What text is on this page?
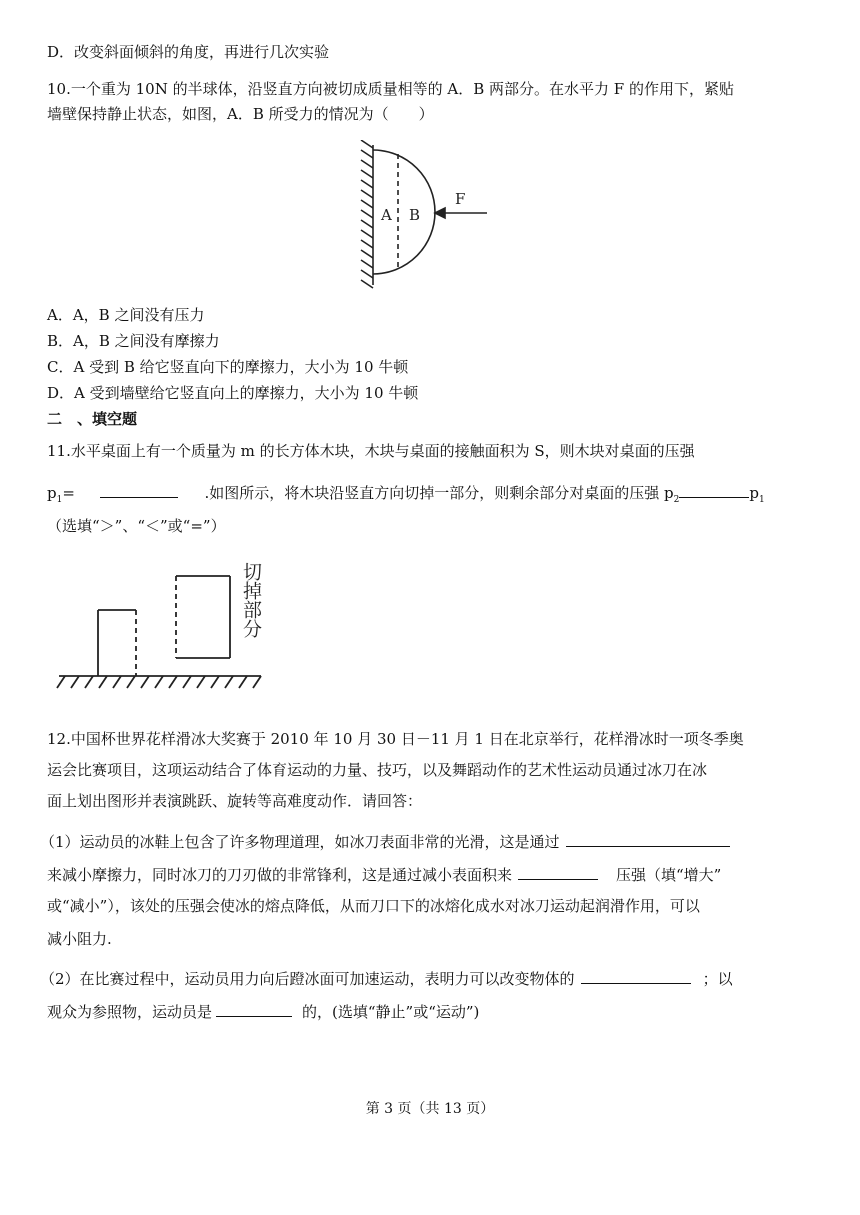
D．改变斜面倾斜的角度，再进行几次实验
10.一个重为 10N 的半球体，沿竖直方向被切成质量相等的 A．B 两部分。在水平力 F 的作用下，紧贴
墙壁保持静止状态，如图，A．B 所受力的情况为（　　）
A B
F
A．A，B 之间没有压力
B．A，B 之间没有摩擦力
C．A 受到 B 给它竖直向下的摩擦力，大小为 10 牛顿
D．A 受到墙壁给它竖直向上的摩擦力，大小为 10 牛顿
二　、填空题
11.水平桌面上有一个质量为 m 的长方体木块，木块与桌面的接触面积为 S，则木块对桌面的压强
$p_1=$	.如图所示，将木块沿竖直方向切掉一部分，则剩余部分对桌面的压强 $p_2$	$p_1$
（选填“＞”、“＜”或“=”）
切掉部分
12.中国杯世界花样滑冰大奖赛于 2010 年 10 月 30 日－11 月 1 日在北京举行，花样滑冰时一项冬季奥
运会比赛项目，这项运动结合了体育运动的力量、技巧，以及舞蹈动作的艺术性运动员通过冰刀在冰
面上划出图形并表演跳跃、旋转等高难度动作．请回答：
（1）运动员的冰鞋上包含了许多物理道理，如冰刀表面非常的光滑，这是通过
来减小摩擦力，同时冰刀的刀刃做的非常锋利，这是通过减小表面积来	压强（填“增大”
或“减小”），该处的压强会使冰的熔点降低，从而刀口下的冰熔化成水对冰刀运动起润滑作用，可以
减小阻力.
（2）在比赛过程中，运动员用力向后蹬冰面可加速运动，表明力可以改变物体的	；以
观众为参照物，运动员是	的，(选填“静止”或“运动”)
第 3 页（共 13 页）
